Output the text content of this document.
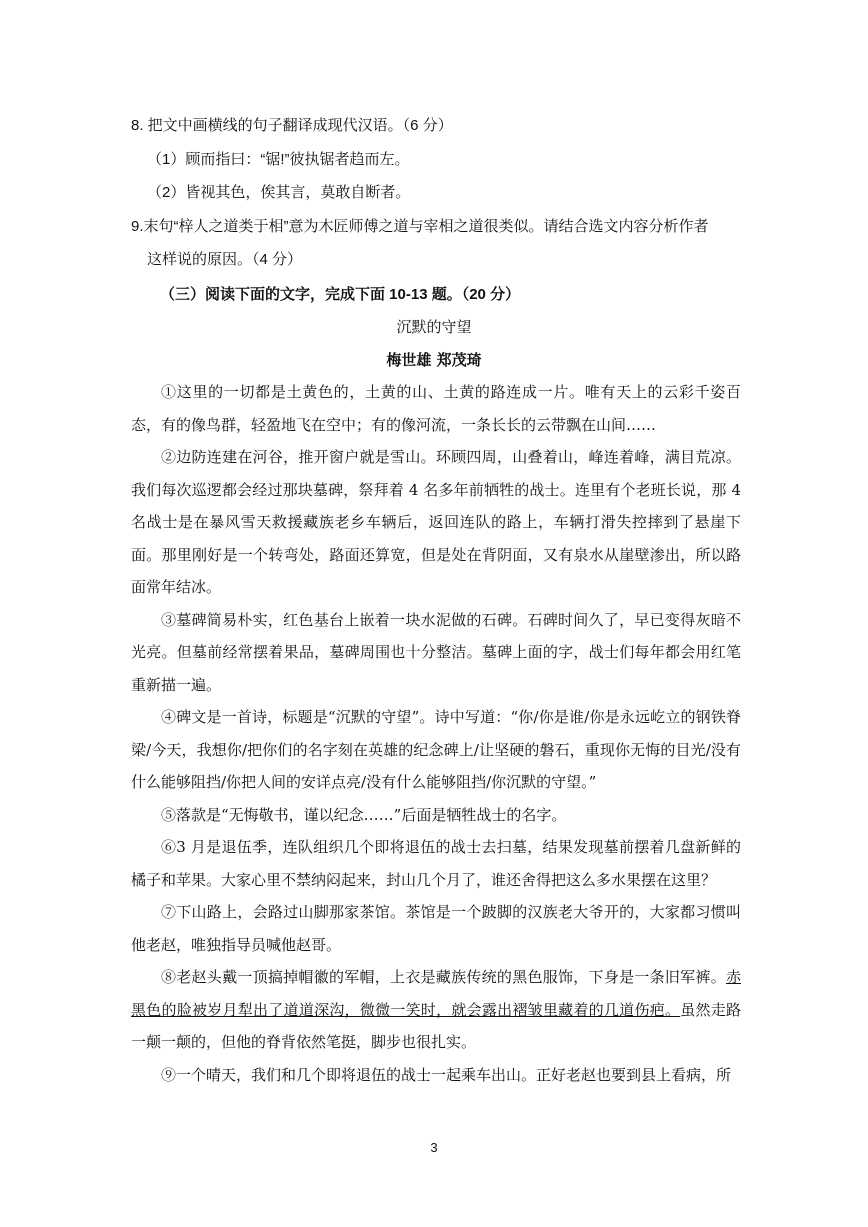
8. 把文中画横线的句子翻译成现代汉语。（6 分）
（1）顾而指曰：“锯!”彼执锯者趋而左。
（2）皆视其色，俟其言，莫敢自断者。
9.末句“梓人之道类于相”意为木匠师傅之道与宰相之道很类似。请结合选文内容分析作者
这样说的原因。（4 分）
（三）阅读下面的文字，完成下面 10-13 题。（20 分）
沉默的守望
梅世雄 郑茂琦

①这里的一切都是土黄色的，土黄的山、土黄的路连成一片。唯有天上的云彩千姿百态，有的像鸟群，轻盈地飞在空中；有的像河流，一条长长的云带飘在山间……

②边防连建在河谷，推开窗户就是雪山。环顾四周，山叠着山，峰连着峰，满目荒凉。我们每次巡逻都会经过那块墓碑，祭拜着 4 名多年前牺牲的战士。连里有个老班长说，那 4 名战士是在暴风雪天救援藏族老乡车辆后，返回连队的路上，车辆打滑失控摔到了悬崖下面。那里刚好是一个转弯处，路面还算宽，但是处在背阴面，又有泉水从崖壁渗出，所以路面常年结冰。

③墓碑简易朴实，红色基台上嵌着一块水泥做的石碑。石碑时间久了，早已变得灰暗不光亮。但墓前经常摆着果品，墓碑周围也十分整洁。墓碑上面的字，战士们每年都会用红笔重新描一遍。

④碑文是一首诗，标题是“沉默的守望”。诗中写道：“你/你是谁/你是永远屹立的钢铁脊梁/今天，我想你/把你们的名字刻在英雄的纪念碑上/让坚硬的磐石，重现你无悔的目光/没有什么能够阻挡/你把人间的安详点亮/没有什么能够阻挡/你沉默的守望。”

⑤落款是“无悔敬书，谨以纪念……”后面是牺牲战士的名字。

⑥3 月是退伍季，连队组织几个即将退伍的战士去扫墓，结果发现墓前摆着几盘新鲜的橘子和苹果。大家心里不禁纳闷起来，封山几个月了，谁还舍得把这么多水果摆在这里？

⑦下山路上，会路过山脚那家茶馆。茶馆是一个跛脚的汉族老大爷开的，大家都习惯叫他老赵，唯独指导员喊他赵哥。

⑧老赵头戴一顶搞掉帽徽的军帽，上衣是藏族传统的黑色服饰，下身是一条旧军裤。赤黑色的脸被岁月犁出了道道深沟，微微一笑时，就会露出褶皱里藏着的几道伤疤。虽然走路一颠一颠的，但他的脊背依然笔挺，脚步也很扎实。

⑨一个晴天，我们和几个即将退伍的战士一起乘车出山。正好老赵也要到县上看病，所

3
